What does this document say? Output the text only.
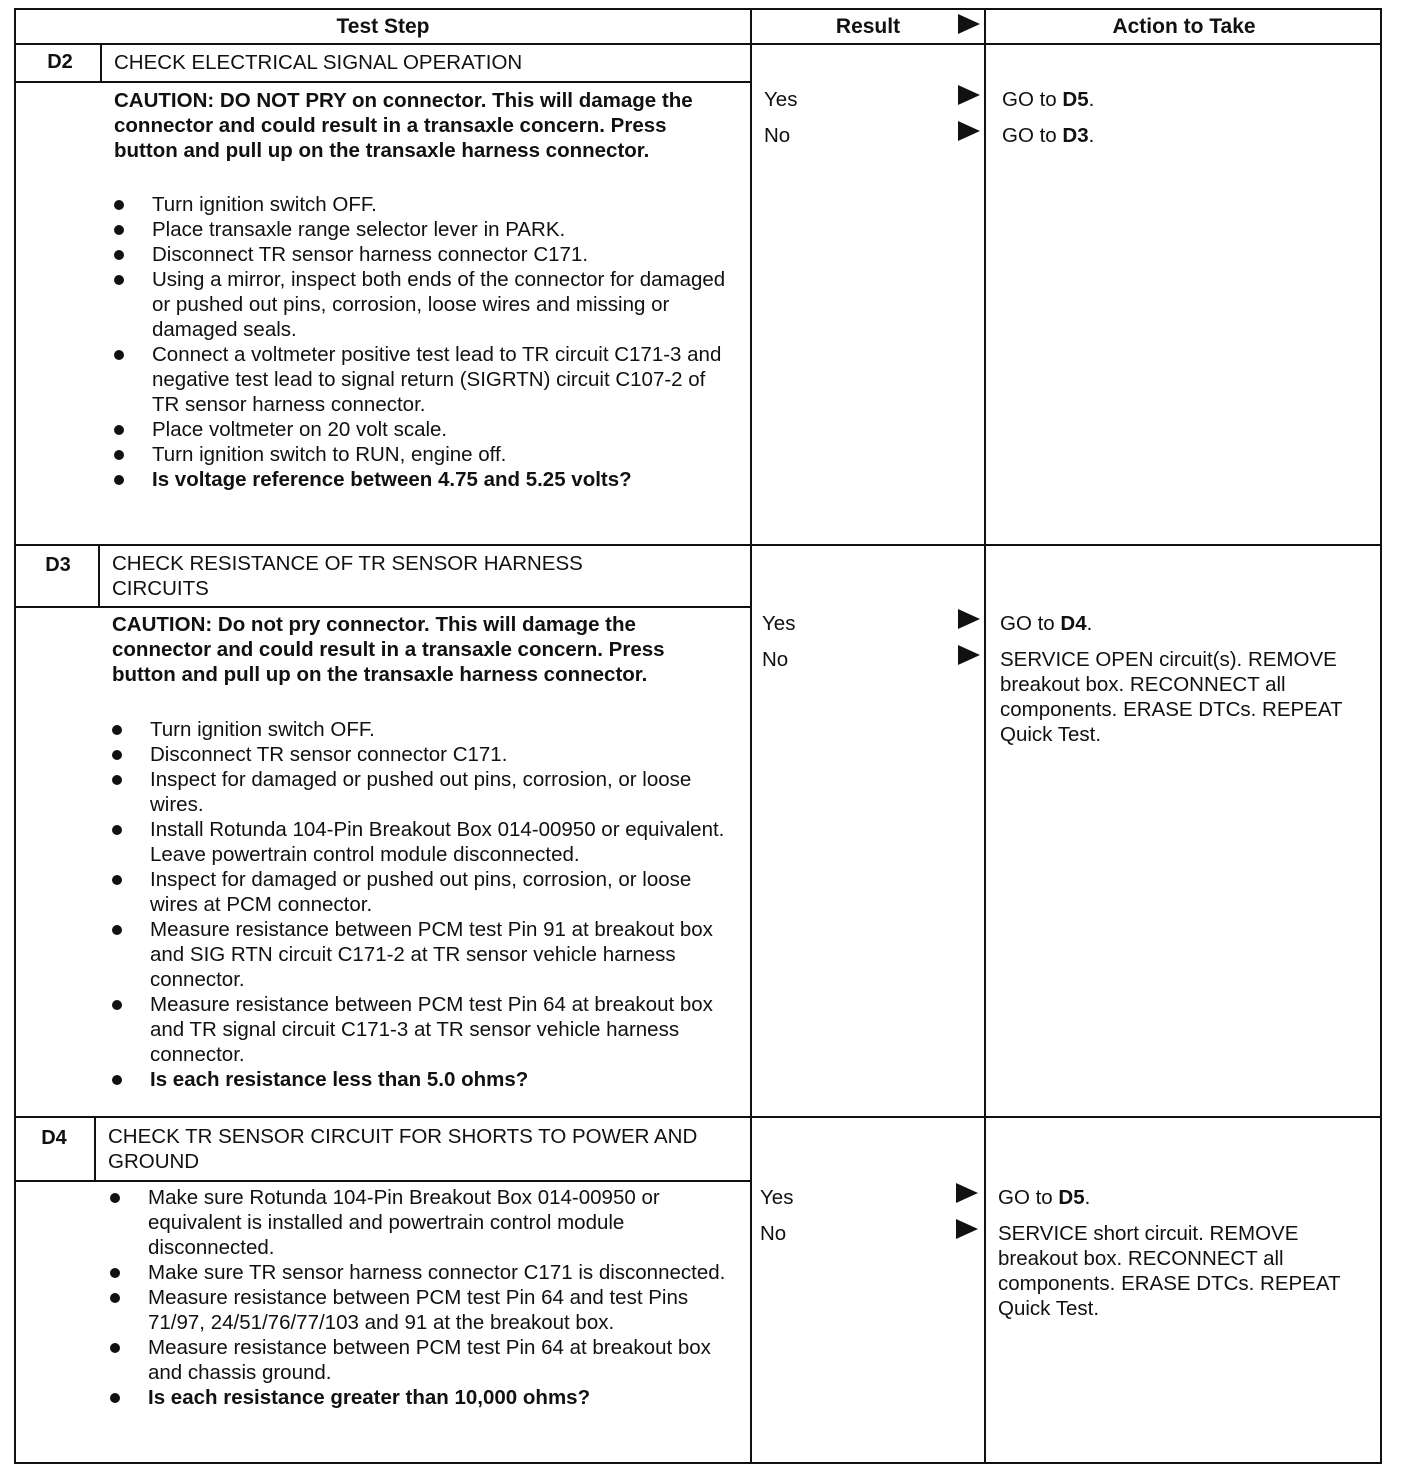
Test Step	Result	Action to Take
D2	CHECK ELECTRICAL SIGNAL OPERATION
CAUTION: DO NOT PRY on connector. This will damage the connector and could result in a transaxle concern. Press button and pull up on the transaxle harness connector.
Turn ignition switch OFF.
Place transaxle range selector lever in PARK.
Disconnect TR sensor harness connector C171.
Using a mirror, inspect both ends of the connector for damaged or pushed out pins, corrosion, loose wires and missing or damaged seals.
Connect a voltmeter positive test lead to TR circuit C171-3 and negative test lead to signal return (SIGRTN) circuit C107-2 of TR sensor harness connector.
Place voltmeter on 20 volt scale.
Turn ignition switch to RUN, engine off.
Is voltage reference between 4.75 and 5.25 volts?
Yes	GO to D5.
No	GO to D3.
D3	CHECK RESISTANCE OF TR SENSOR HARNESS CIRCUITS
CAUTION: Do not pry connector. This will damage the connector and could result in a transaxle concern. Press button and pull up on the transaxle harness connector.
Turn ignition switch OFF.
Disconnect TR sensor connector C171.
Inspect for damaged or pushed out pins, corrosion, or loose wires.
Install Rotunda 104-Pin Breakout Box 014-00950 or equivalent. Leave powertrain control module disconnected.
Inspect for damaged or pushed out pins, corrosion, or loose wires at PCM connector.
Measure resistance between PCM test Pin 91 at breakout box and SIG RTN circuit C171-2 at TR sensor vehicle harness connector.
Measure resistance between PCM test Pin 64 at breakout box and TR signal circuit C171-3 at TR sensor vehicle harness connector.
Is each resistance less than 5.0 ohms?
Yes	GO to D4.
No	SERVICE OPEN circuit(s). REMOVE breakout box. RECONNECT all components. ERASE DTCs. REPEAT Quick Test.
D4	CHECK TR SENSOR CIRCUIT FOR SHORTS TO POWER AND GROUND
Make sure Rotunda 104-Pin Breakout Box 014-00950 or equivalent is installed and powertrain control module disconnected.
Make sure TR sensor harness connector C171 is disconnected.
Measure resistance between PCM test Pin 64 and test Pins 71/97, 24/51/76/77/103 and 91 at the breakout box.
Measure resistance between PCM test Pin 64 at breakout box and chassis ground.
Is each resistance greater than 10,000 ohms?
Yes	GO to D5.
No	SERVICE short circuit. REMOVE breakout box. RECONNECT all components. ERASE DTCs. REPEAT Quick Test.
